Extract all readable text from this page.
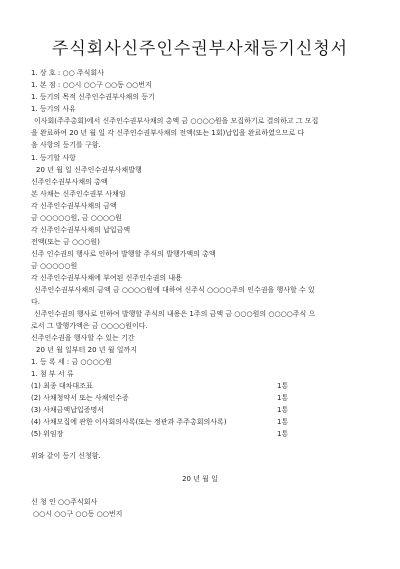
주식회사신주인수권부사채등기신청서
1. 상 호 : ○○ 주식회사
1. 본 점 : ○○시 ○○구 ○○동 ○○번지
1. 등기의 목적 신주인수권부사채의 등기
1. 등기의 사유
이사회(주주총회)에서 신주인수권부사채의 총액 금 ○○○○원을 모집하기로 결의하고 그 모집
을 완료하여 20 년 월 일 각 신주인수권부사채의 전액(또는 1회)납입을 완료하였으므로 다
음 사항의 등기를 구함.
1. 등기할 사항
20 년 월 일 신주인수권부사채발행
신주인수권부사채의 총액
본 사채는 신주인수권부 사채임
각 신주인수권부사채의 금액
금 ○○○○○원, 금 ○○○○원
각 신주인수권부사채의 납입금액
전액(또는 금 ○○○원)
신주 인수권의 행사로 인하여 발행할 주식의 발행가액의 총액
금 ○○○○○원
각 신주인수권부사채에 부여된 신주인수권의 내용
신주인수권부사채의 금액 금 ○○○○원에 대하여 신주식 ○○○○주의 인수권을 행사할 수 있
다.
신주인수권의 행사로 인하여 발행할 주식의 내용은 1주의 금액 금 ○○○원의 ○○○○주식 으
로서 그 발행가액은 금 ○○○○원이다.
신주인수권을 행사할 수 있는 기간
20 년 월 일부터 20 년 월 일까지
1. 등 록 세 : 금 ○○○○원
1. 첨 부 서 류
(1) 최종 대차대조표	1통
(2) 사채청약서 또는 사채인수증	1통
(3) 사채금액납입증명서	1통
(4) 사채모집에 관한 이사회의사록(또는 정관과 주주총회의사록)	1통
(5) 위임장	1통
위와 같이 등기 신청함.
20 년 월 일
신 청 인 ○○주식회사
○○시 ○○구 ○○동 ○○번지
